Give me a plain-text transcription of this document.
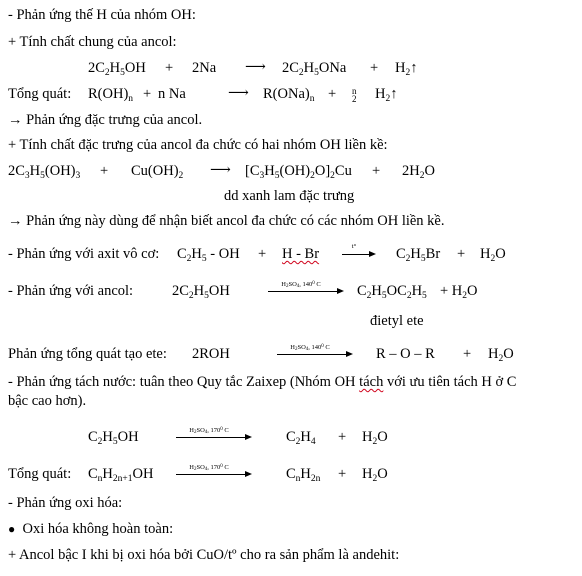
- Phản ứng thế H của nhóm OH:
+ Tính chất chung của ancol:
$2C_2H_5OH + 2Na$ ⟶ $2C_2H_5ONa$ + $H_2↑$
Tổng quát: $R(OH)_n + n$ Na	⟶ $R(ONa)_n + n$
2 $H_2↑$
→ Phản ứng đặc trưng của ancol.
+ Tính chất đặc trưng của ancol đa chức có hai nhóm OH liền kề:
$2C_3H_5(OH)_3 + Cu(OH)_2$ ⟶ $[C_3H_5(OH)_2O]_2Cu + 2H_2O$
dd xanh lam đặc trưng
→ Phản ứng này dùng để nhận biết ancol đa chức có các nhóm OH liền kề.
- Phản ứng với axit vô cơ: $C_2H_5$ - OH + H - Br	t°	$C_2H_5Br + H_2O$
- Phản ứng với ancol:	$2C_2H_5OH$	H2SO4, $140^0$ C	$C_2H_5OC_2H_5 + H_2O$
đietyl ete
Phản ứng tổng quát tạo ete: 2ROH	H2SO4, $140^0$ C	$R - O - R + H_2O$
- Phản ứng tách nước: tuân theo Quy tắc Zaixep (Nhóm OH tách với ưu tiên tách H ở C
bậc cao hơn).
$C_2H_5OH$	H2SO4, $170^0$ C	$C_2H_4 + H_2O$
Tổng quát: $C_nH_{2n+1}OH$	H2SO4, $170^0$ C	$C_nH_{2n} + H_2O$
- Phản ứng oxi hóa:
● Oxi hóa không hoàn toàn:
+ Ancol bậc I khi bị oxi hóa bởi CuO/tº cho ra sản phẩm là andehit:
